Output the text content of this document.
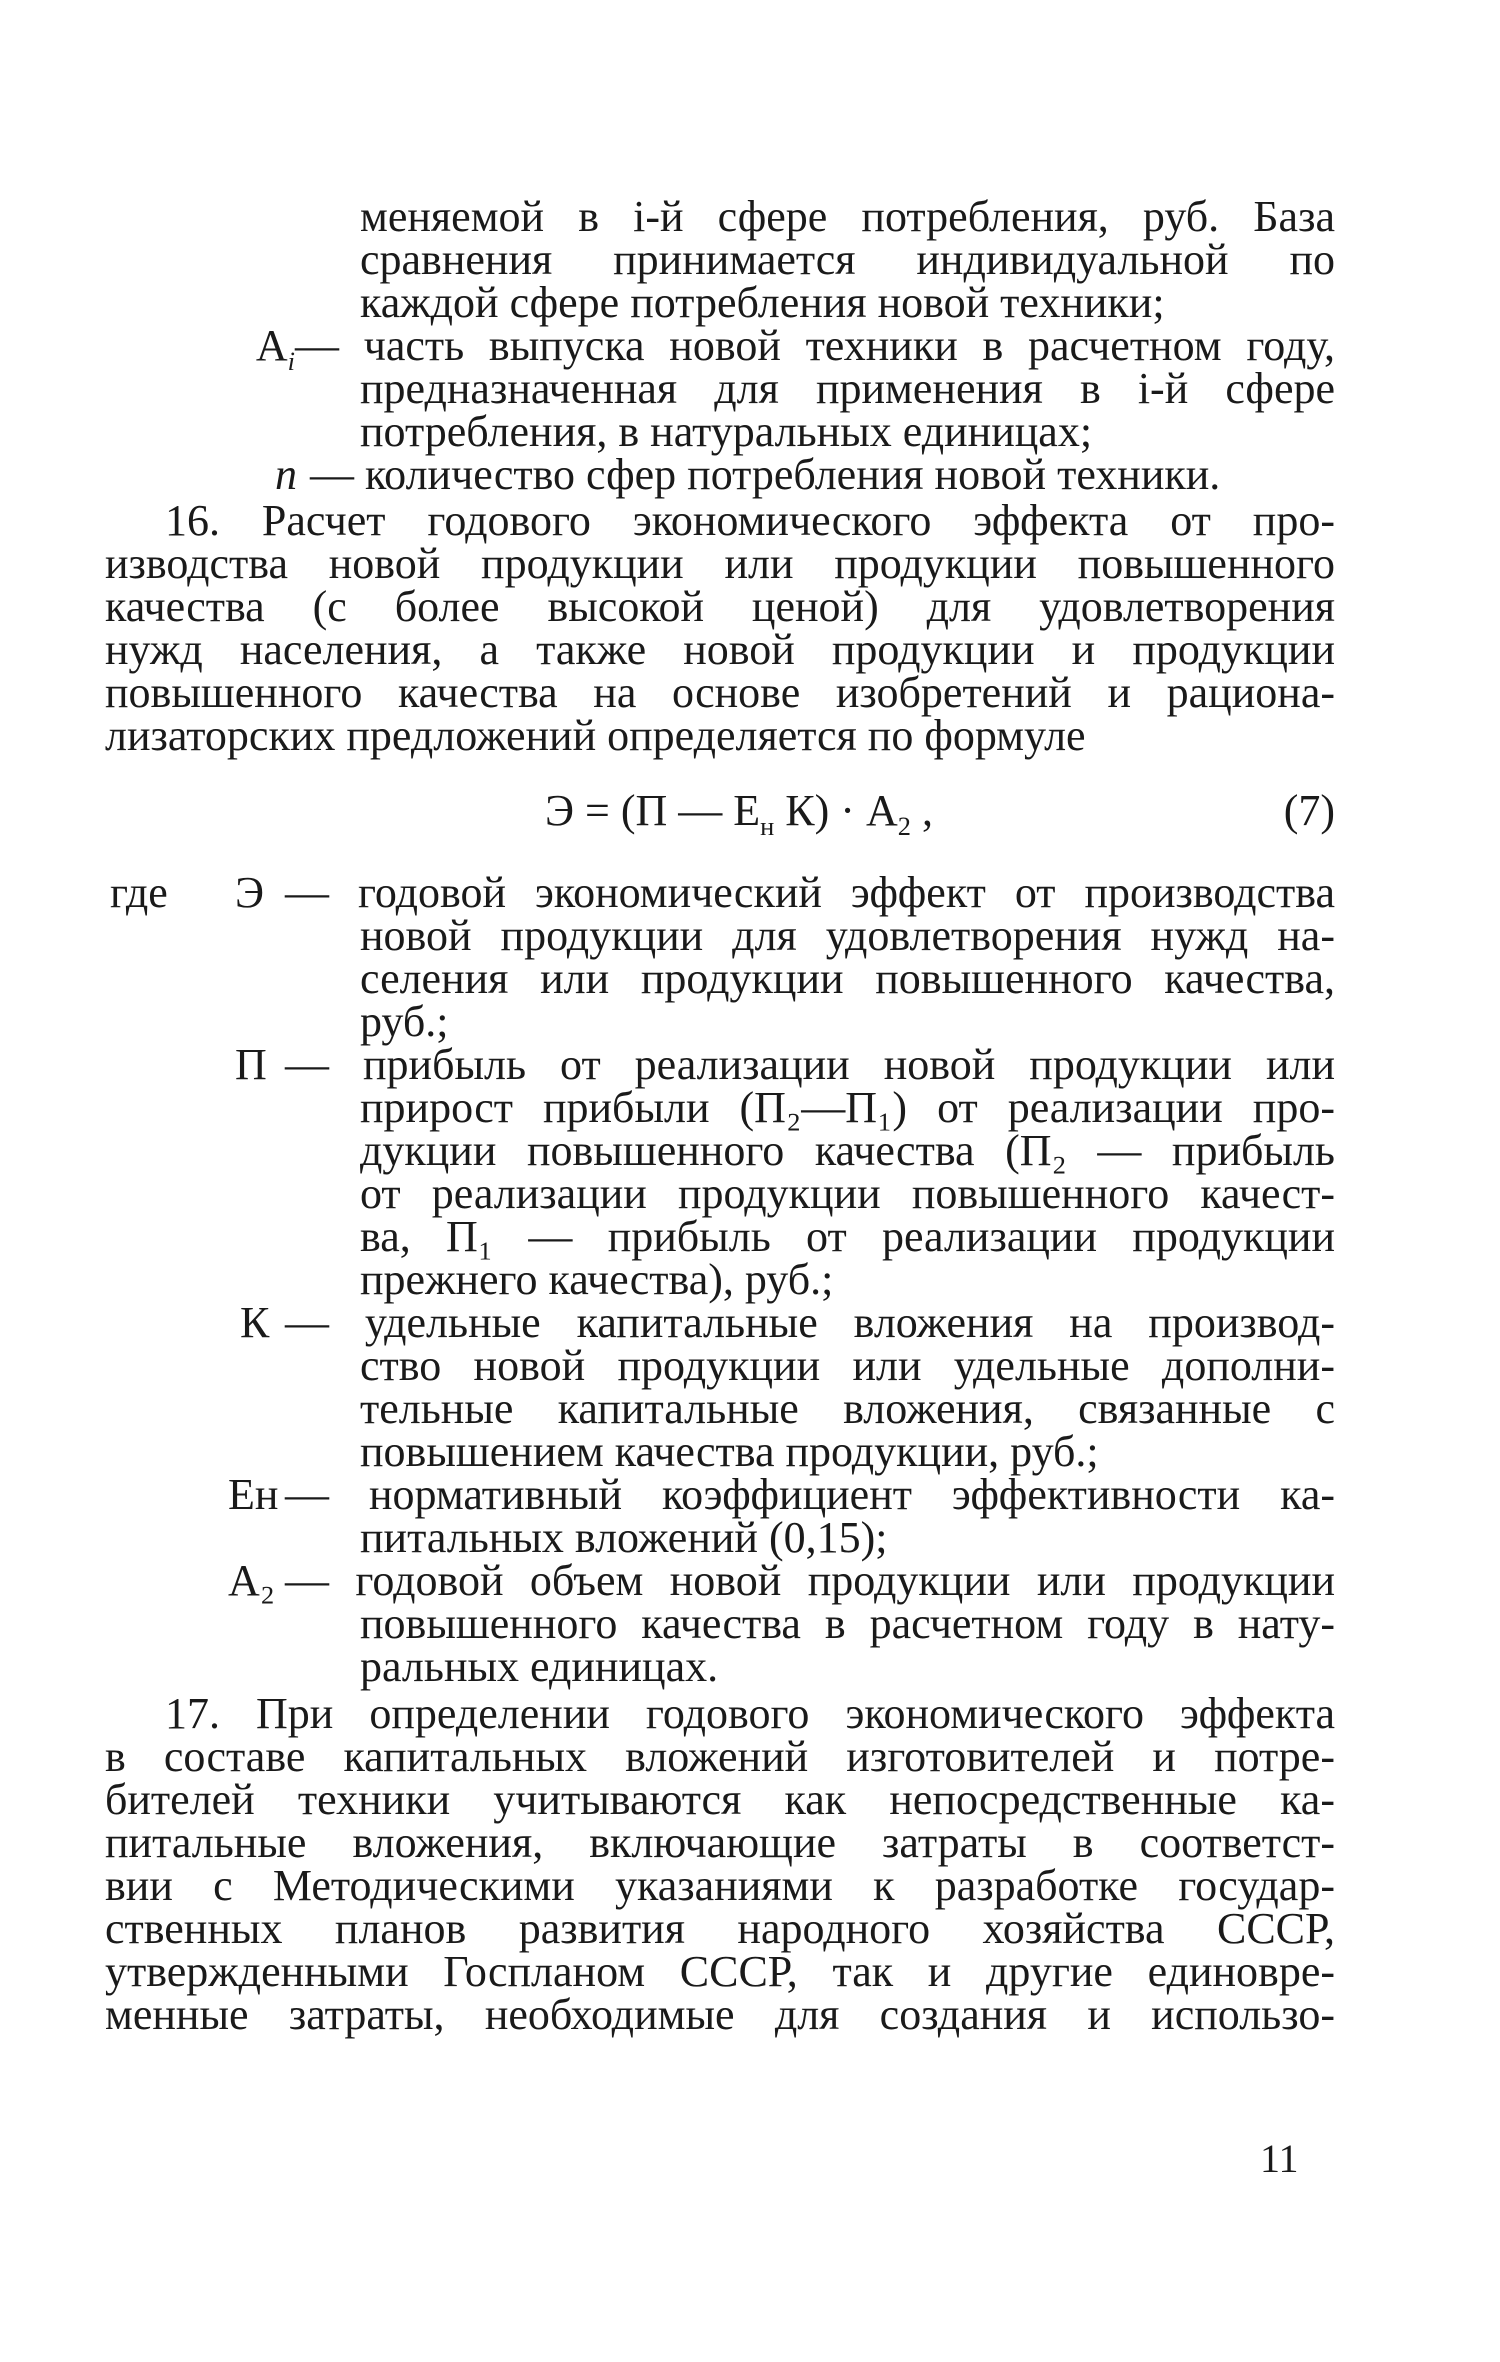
меняемой в i-й сфере потребления, руб. База
сравнения принимается индивидуальной по
каждой сфере потребления новой техники;
$A_i$ — часть выпуска новой техники в расчетном году,
предназначенная для применения в i-й сфере
потребления, в натуральных единицах;
n — количество сфер потребления новой техники.
16. Расчет годового экономического эффекта от про-
изводства новой продукции или продукции повышенного
качества (с более высокой ценой) для удовлетворения
нужд населения, а также новой продукции и продукции
повышенного качества на основе изобретений и рациона-
лизаторских предложений определяется по формуле
Э = (П — $Е_н$ $К) \cdot А_2$ ,	(7)
где Э — годовой экономический эффект от производства
новой продукции для удовлетворения нужд на-
селения или продукции повышенного качества,
руб.;
П — прибыль от реализации новой продукции или
прирост прибыли (П₂—П₁) от реализации про-
дукции повышенного качества (П₂ — прибыль
от реализации продукции повышенного качест-
ва, П₁ — прибыль от реализации продукции
прежнего качества), руб.;
К — удельные капитальные вложения на производ-
ство новой продукции или удельные дополни-
тельные капитальные вложения, связанные с
повышением качества продукции, руб.;
Ен — нормативный коэффициент эффективности ка-
питальных вложений (0,15);
А₂ — годовой объем новой продукции или продукции
повышенного качества в расчетном году в нату-
ральных единицах.
17. При определении годового экономического эффекта
в составе капитальных вложений изготовителей и потре-
бителей техники учитываются как непосредственные ка-
питальные вложения, включающие затраты в соответст-
вии с Методическими указаниями к разработке государ-
ственных планов развития народного хозяйства СССР,
утвержденными Госпланом СССР, так и другие единовре-
менные затраты, необходимые для создания и использо-
11
